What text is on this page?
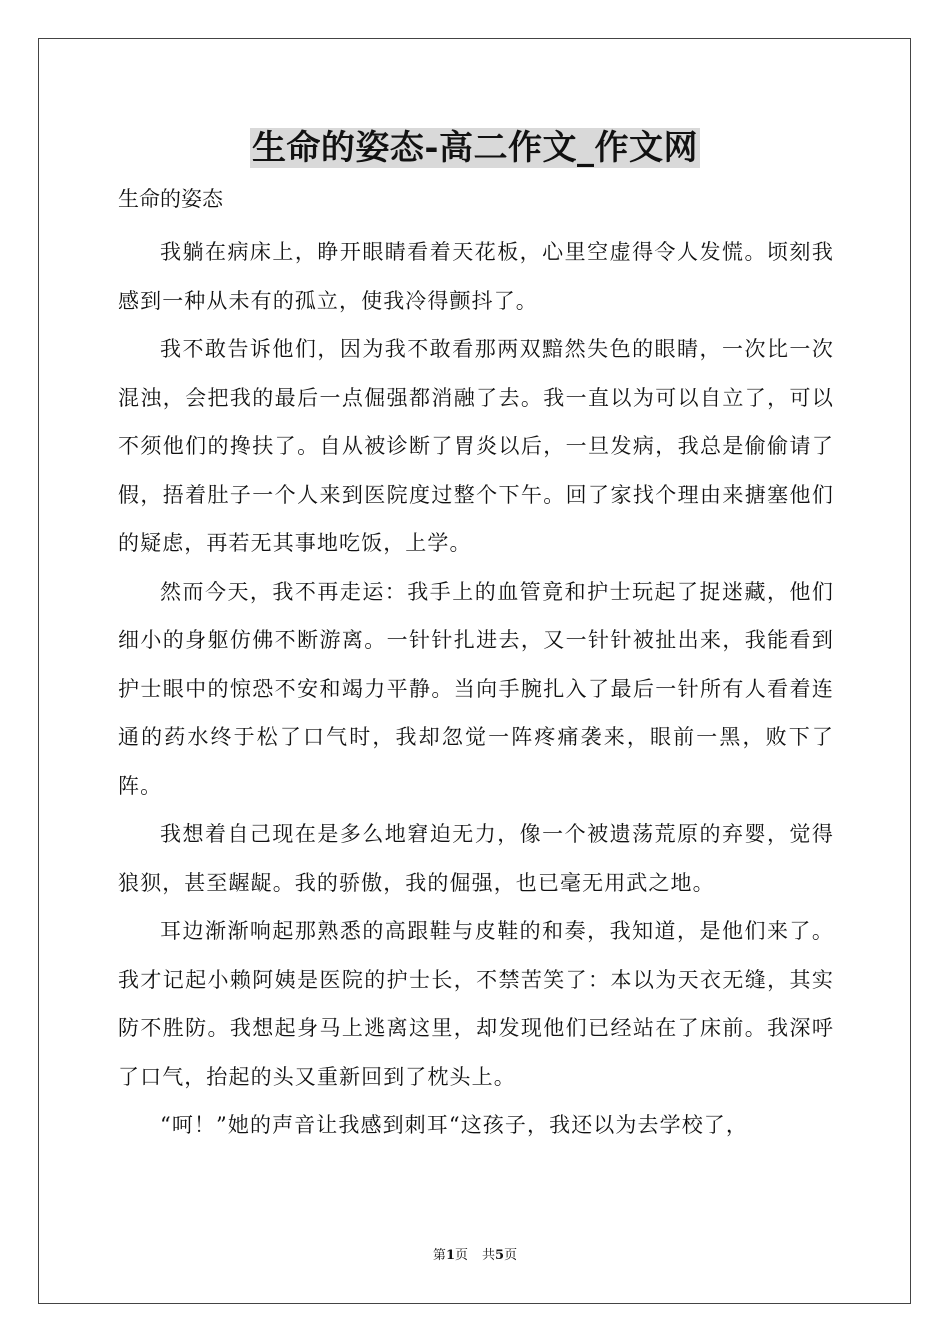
生命的姿态-高二作文_作文网
生命的姿态

我躺在病床上，睁开眼睛看着天花板，心里空虚得令人发慌。顷刻我感到一种从未有的孤立，使我冷得颤抖了。

我不敢告诉他们，因为我不敢看那两双黯然失色的眼睛，一次比一次混浊，会把我的最后一点倔强都消融了去。我一直以为可以自立了，可以不须他们的搀扶了。自从被诊断了胃炎以后，一旦发病，我总是偷偷请了假，捂着肚子一个人来到医院度过整个下午。回了家找个理由来搪塞他们的疑虑，再若无其事地吃饭，上学。

然而今天，我不再走运：我手上的血管竟和护士玩起了捉迷藏，他们细小的身躯仿佛不断游离。一针针扎进去，又一针针被扯出来，我能看到护士眼中的惊恐不安和竭力平静。当向手腕扎入了最后一针所有人看着连通的药水终于松了口气时，我却忽觉一阵疼痛袭来，眼前一黑，败下了阵。

我想着自己现在是多么地窘迫无力，像一个被遗荡荒原的弃婴，觉得狼狈，甚至龌龊。我的骄傲，我的倔强，也已毫无用武之地。

耳边渐渐响起那熟悉的高跟鞋与皮鞋的和奏，我知道，是他们来了。我才记起小赖阿姨是医院的护士长，不禁苦笑了：本以为天衣无缝，其实防不胜防。我想起身马上逃离这里，却发现他们已经站在了床前。我深呼了口气，抬起的头又重新回到了枕头上。

“呵！”她的声音让我感到刺耳“这孩子，我还以为去学校了，

第1页 共5页
